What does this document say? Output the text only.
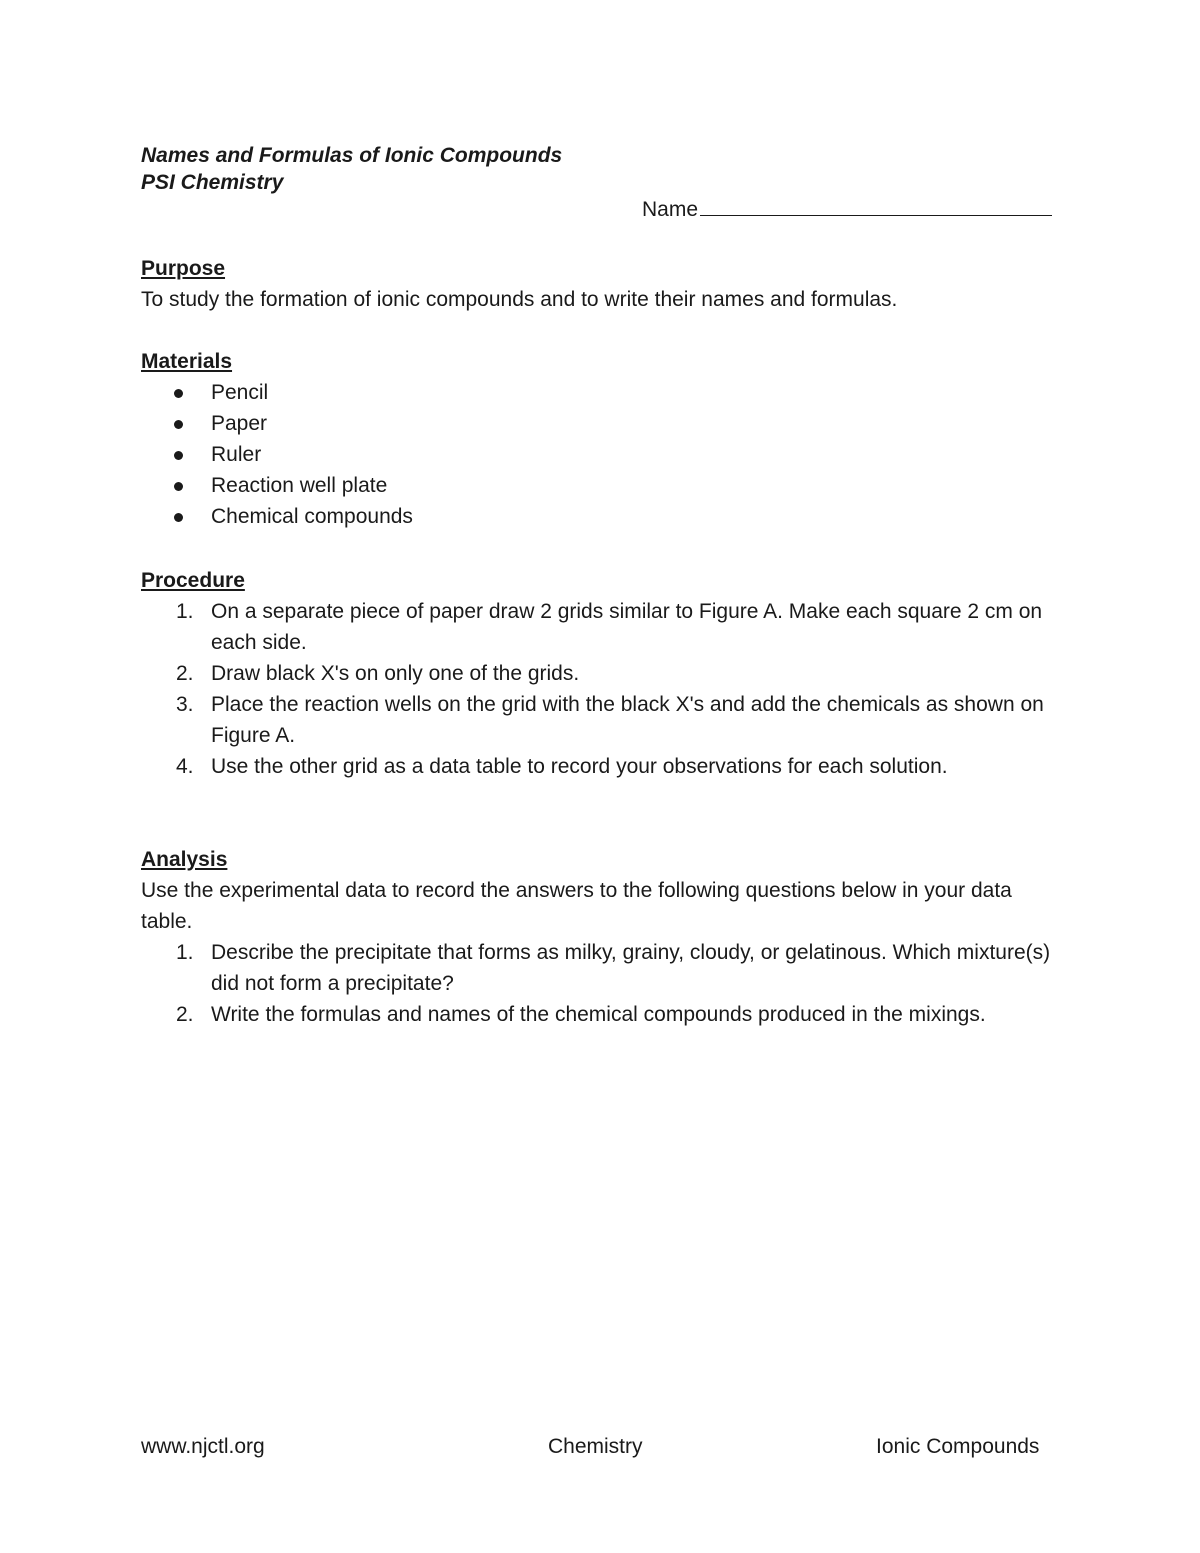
Names and Formulas of Ionic Compounds
PSI Chemistry
Name
Purpose
To study the formation of ionic compounds and to write their names and formulas.
Materials
Pencil
Paper
Ruler
Reaction well plate
Chemical compounds
Procedure
1. On a separate piece of paper draw 2 grids similar to Figure A. Make each square 2 cm on each side.
2. Draw black X's on only one of the grids.
3. Place the reaction wells on the grid with the black X's and add the chemicals as shown on Figure A.
4. Use the other grid as a data table to record your observations for each solution.
Analysis
Use the experimental data to record the answers to the following questions below in your data table.
1. Describe the precipitate that forms as milky, grainy, cloudy, or gelatinous. Which mixture(s) did not form a precipitate?
2. Write the formulas and names of the chemical compounds produced in the mixings.
www.njctl.org	Chemistry	Ionic Compounds
